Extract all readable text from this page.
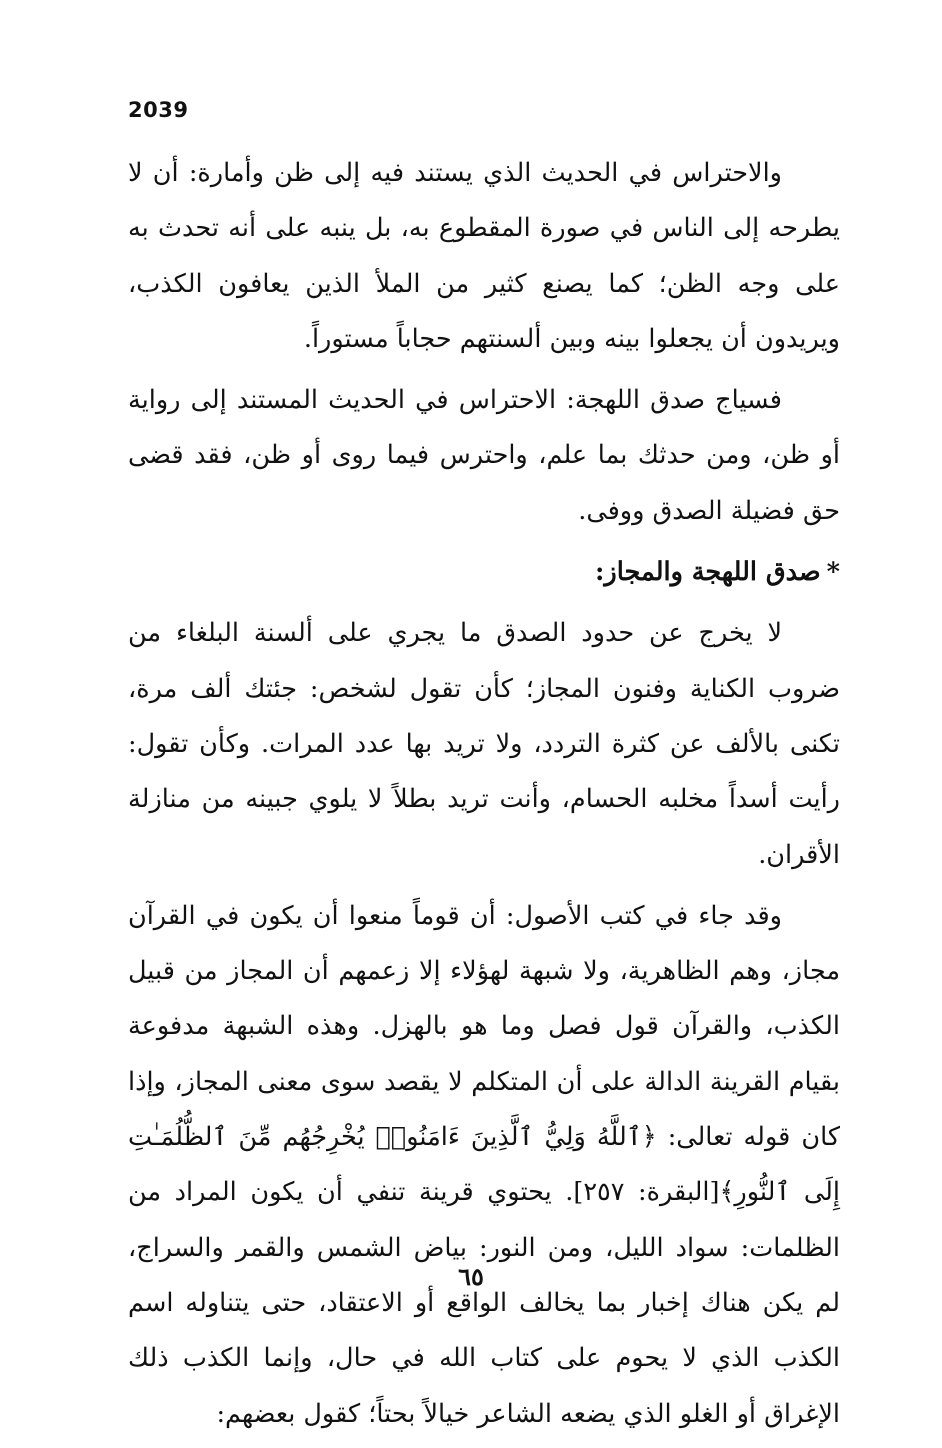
2039

والاحتراس في الحديث الذي يستند فيه إلى ظن وأمارة: أن لا يطرحه إلى الناس في صورة المقطوع به، بل ينبه على أنه تحدث به على وجه الظن؛ كما يصنع كثير من الملأ الذين يعافون الكذب، ويريدون أن يجعلوا بينه وبين ألسنتهم حجاباً مستوراً.

فسياج صدق اللهجة: الاحتراس في الحديث المستند إلى رواية أو ظن، ومن حدثك بما علم، واحترس فيما روى أو ظن، فقد قضى حق فضيلة الصدق ووفى.

*صدق اللهجة والمجاز:

لا يخرج عن حدود الصدق ما يجري على ألسنة البلغاء من ضروب الكناية وفنون المجاز؛ كأن تقول لشخص: جئتك ألف مرة، تكنى بالألف عن كثرة التردد، ولا تريد بها عدد المرات. وكأن تقول: رأيت أسداً مخلبه الحسام، وأنت تريد بطلاً لا يلوي جبينه من منازلة الأقران.

وقد جاء في كتب الأصول: أن قوماً منعوا أن يكون في القرآن مجاز، وهم الظاهرية، ولا شبهة لهؤلاء إلا زعمهم أن المجاز من قبيل الكذب، والقرآن قول فصل وما هو بالهزل. وهذه الشبهة مدفوعة بقيام القرينة الدالة على أن المتكلم لا يقصد سوى معنى المجاز، وإذا كان قوله تعالى: ﴿ٱللَّهُ وَلِيُّ ٱلَّذِينَ ءَامَنُوا۟ يُخْرِجُهُم مِّنَ ٱلظُّلُمَـٰتِ إِلَى ٱلنُّورِ﴾[البقرة: ٢٥٧]. يحتوي قرينة تنفي أن يكون المراد من الظلمات: سواد الليل، ومن النور: بياض الشمس والقمر والسراج، لم يكن هناك إخبار بما يخالف الواقع أو الاعتقاد، حتى يتناوله اسم الكذب الذي لا يحوم على كتاب الله في حال، وإنما الكذب ذلك الإغراق أو الغلو الذي يضعه الشاعر خيالاً بحتاً؛ كقول بعضهم:

٦٥
